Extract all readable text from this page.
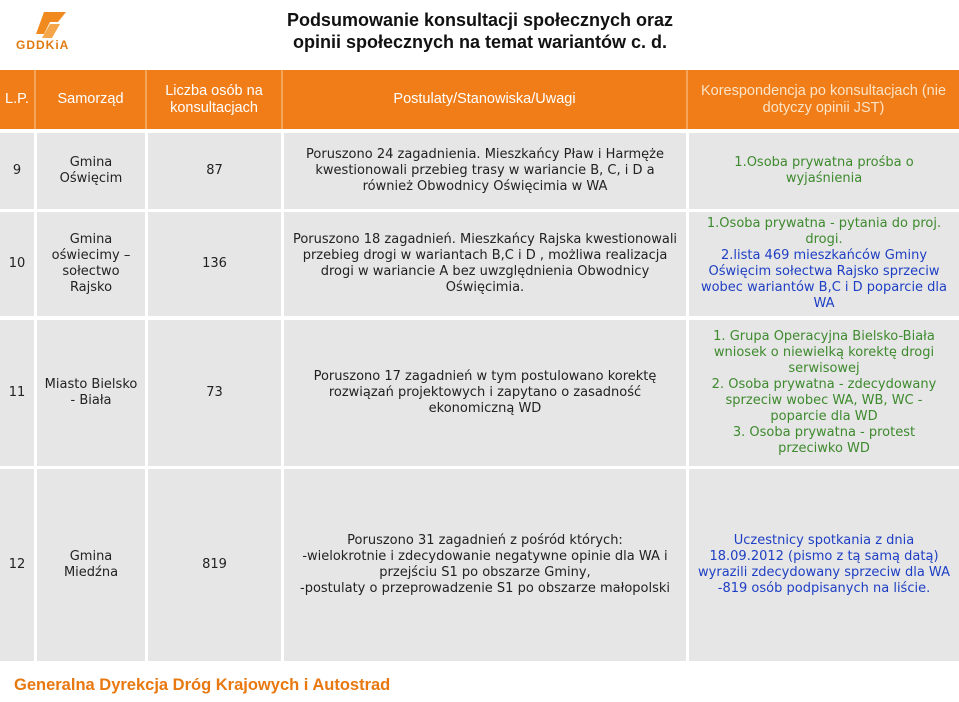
GDDKiA
Podsumowanie konsultacji społecznych oraz
opinii społecznych na temat wariantów c. d.
L.P.	Samorząd
Liczba osób na konsultacjach
Postulaty/Stanowiska/Uwagi
Korespondencja po konsultacjach (nie dotyczy opinii JST)
9
Gmina Oświęcim
87
Poruszono 24 zagadnienia. Mieszkańcy Pław i Harmęże kwestionowali przebieg trasy w wariancie B, C, i D a również Obwodnicy Oświęcimia w WA
1.Osoba prywatna prośba o wyjaśnienia
10
Gmina oświecimy – sołectwo Rajsko
136
Poruszono 18 zagadnień. Mieszkańcy Rajska kwestionowali przebieg drogi w wariantach B,C i D , możliwa realizacja drogi w wariancie A bez uwzględnienia Obwodnicy Oświęcimia.
1.Osoba prywatna - pytania do proj. drogi.
2.lista 469 mieszkańców Gminy Oświęcim sołectwa Rajsko sprzeciw wobec wariantów B,C i D poparcie dla WA
11
Miasto Bielsko - Biała
73
Poruszono 17 zagadnień w tym postulowano korektę rozwiązań projektowych i zapytano o zasadność ekonomiczną WD
1. Grupa Operacyjna Bielsko-Biała wniosek o niewielką korektę drogi serwisowej
2. Osoba prywatna - zdecydowany sprzeciw wobec WA, WB, WC - poparcie dla WD
3. Osoba prywatna - protest przeciwko WD
12
Gmina Miedźna
819
Poruszono 31 zagadnień z pośród których:
-wielokrotnie i zdecydowanie negatywne opinie dla WA i przejściu S1 po obszarze Gminy,
-postulaty o przeprowadzenie S1 po obszarze małopolski
Uczestnicy spotkania z dnia 18.09.2012 (pismo z tą samą datą) wyrazili zdecydowany sprzeciw dla WA -819 osób podpisanych na liście.
Generalna Dyrekcja Dróg Krajowych i Autostrad
